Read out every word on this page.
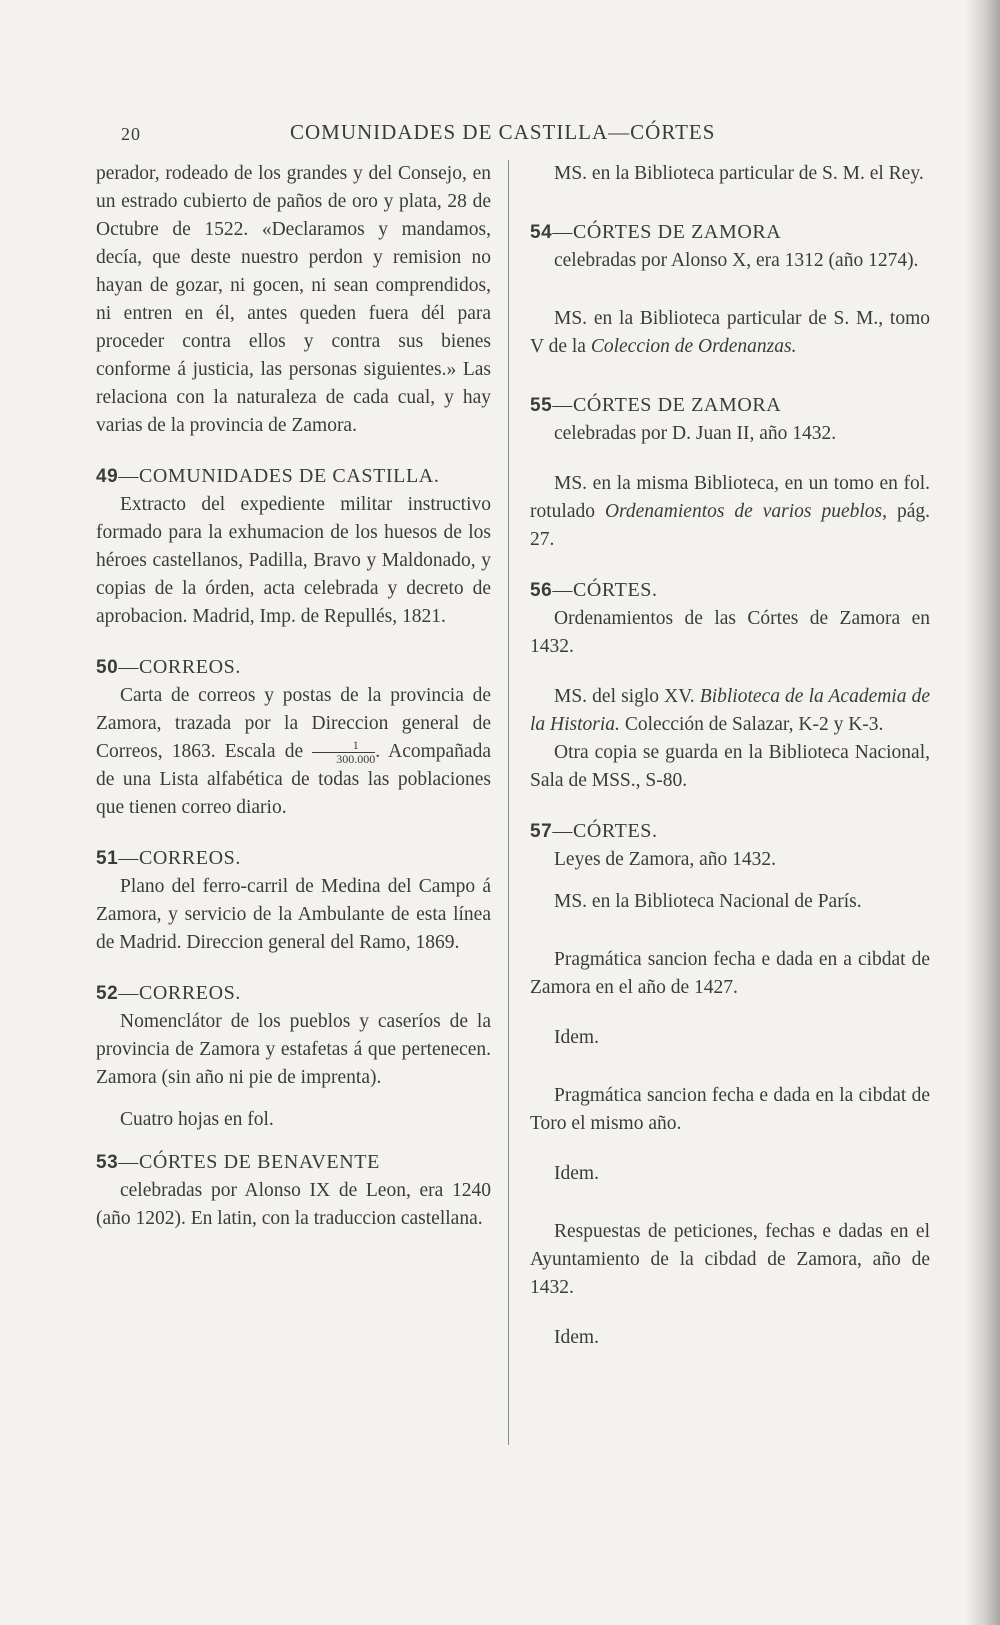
20	COMUNIDADES DE CASTILLA—CÓRTES

perador, rodeado de los grandes y del Consejo, en un estrado cubierto de paños de oro y plata, 28 de Octubre de 1522. «Declaramos y mandamos, decía, que deste nuestro perdon y remision no hayan de gozar, ni gocen, ni sean comprendidos, ni entren en él, antes queden fuera dél para proceder contra ellos y contra sus bienes conforme á justicia, las personas siguientes.» Las relaciona con la naturaleza de cada cual, y hay varias de la provincia de Zamora.

49—COMUNIDADES DE CASTILLA.

Extracto del expediente militar instructivo formado para la exhumacion de los huesos de los héroes castellanos, Padilla, Bravo y Maldonado, y copias de la órden, acta celebrada y decreto de aprobacion. Madrid, Imp. de Repullés, 1821.

50—CORREOS.

Carta de correos y postas de la provincia de Zamora, trazada por la Direccion general de Correos, 1863. Escala de $\frac{1}{300.000}$ . Acompañada de una Lista alfabética de todas las poblaciones que tienen correo diario.

51—CORREOS.

Plano del ferro-carril de Medina del Campo á Zamora, y servicio de la Ambulante de esta línea de Madrid. Direccion general del Ramo, 1869.

52—CORREOS.

Nomenclátor de los pueblos y caseríos de la provincia de Zamora y estafetas á que pertenecen. Zamora (sin año ni pie de imprenta).

Cuatro hojas en fol.

53—CÓRTES DE BENAVENTE

celebradas por Alonso IX de Leon, era 1240 (año 1202). En latin, con la traduccion castellana.

MS. en la Biblioteca particular de S. M. el Rey.

54—CÓRTES DE ZAMORA

celebradas por Alonso X, era 1312 (año 1274).

MS. en la Biblioteca particular de S. M., tomo V de la Coleccion de Ordenanzas.

55—CÓRTES DE ZAMORA

celebradas por D. Juan II, año 1432.

MS. en la misma Biblioteca, en un tomo en fol. rotulado Ordenamientos de varios pueblos, pág. 27.

56—CÓRTES.

Ordenamientos de las Córtes de Zamora en 1432.

MS. del siglo XV. Biblioteca de la Academia de la Historia. Colección de Salazar, K-2 y K-3.

Otra copia se guarda en la Biblioteca Nacional, Sala de MSS., S-80.

57—CÓRTES.

Leyes de Zamora, año 1432.

MS. en la Biblioteca Nacional de París.

Pragmática sancion fecha e dada en a cibdat de Zamora en el año de 1427.

Idem.

Pragmática sancion fecha e dada en la cibdat de Toro el mismo año.

Idem.

Respuestas de peticiones, fechas e dadas en el Ayuntamiento de la cibdad de Zamora, año de 1432.

Idem.
